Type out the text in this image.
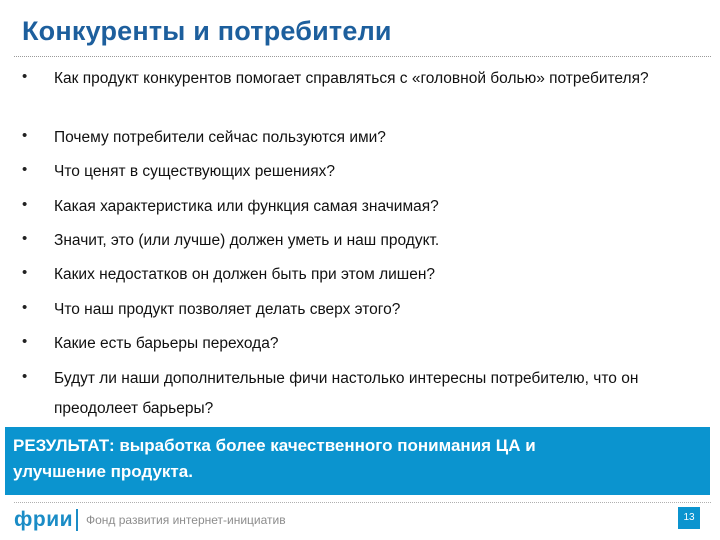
Конкуренты и потребители
• Как продукт конкурентов помогает справляться с «головной болью» потребителя?
• Почему потребители сейчас пользуются ими?
• Что ценят в существующих решениях?
• Какая характеристика или функция самая значимая?
• Значит, это (или лучше) должен уметь и наш продукт.
• Каких недостатков он должен быть при этом лишен?
• Что наш продукт позволяет делать сверх этого?
• Какие есть барьеры перехода?
• Будут ли наши дополнительные фичи настолько интересны потребителю, что он преодолеет барьеры?
РЕЗУЛЬТАТ: выработка более качественного понимания ЦА и улучшение продукта.
фрии Фонд развития интернет-инициатив	13
